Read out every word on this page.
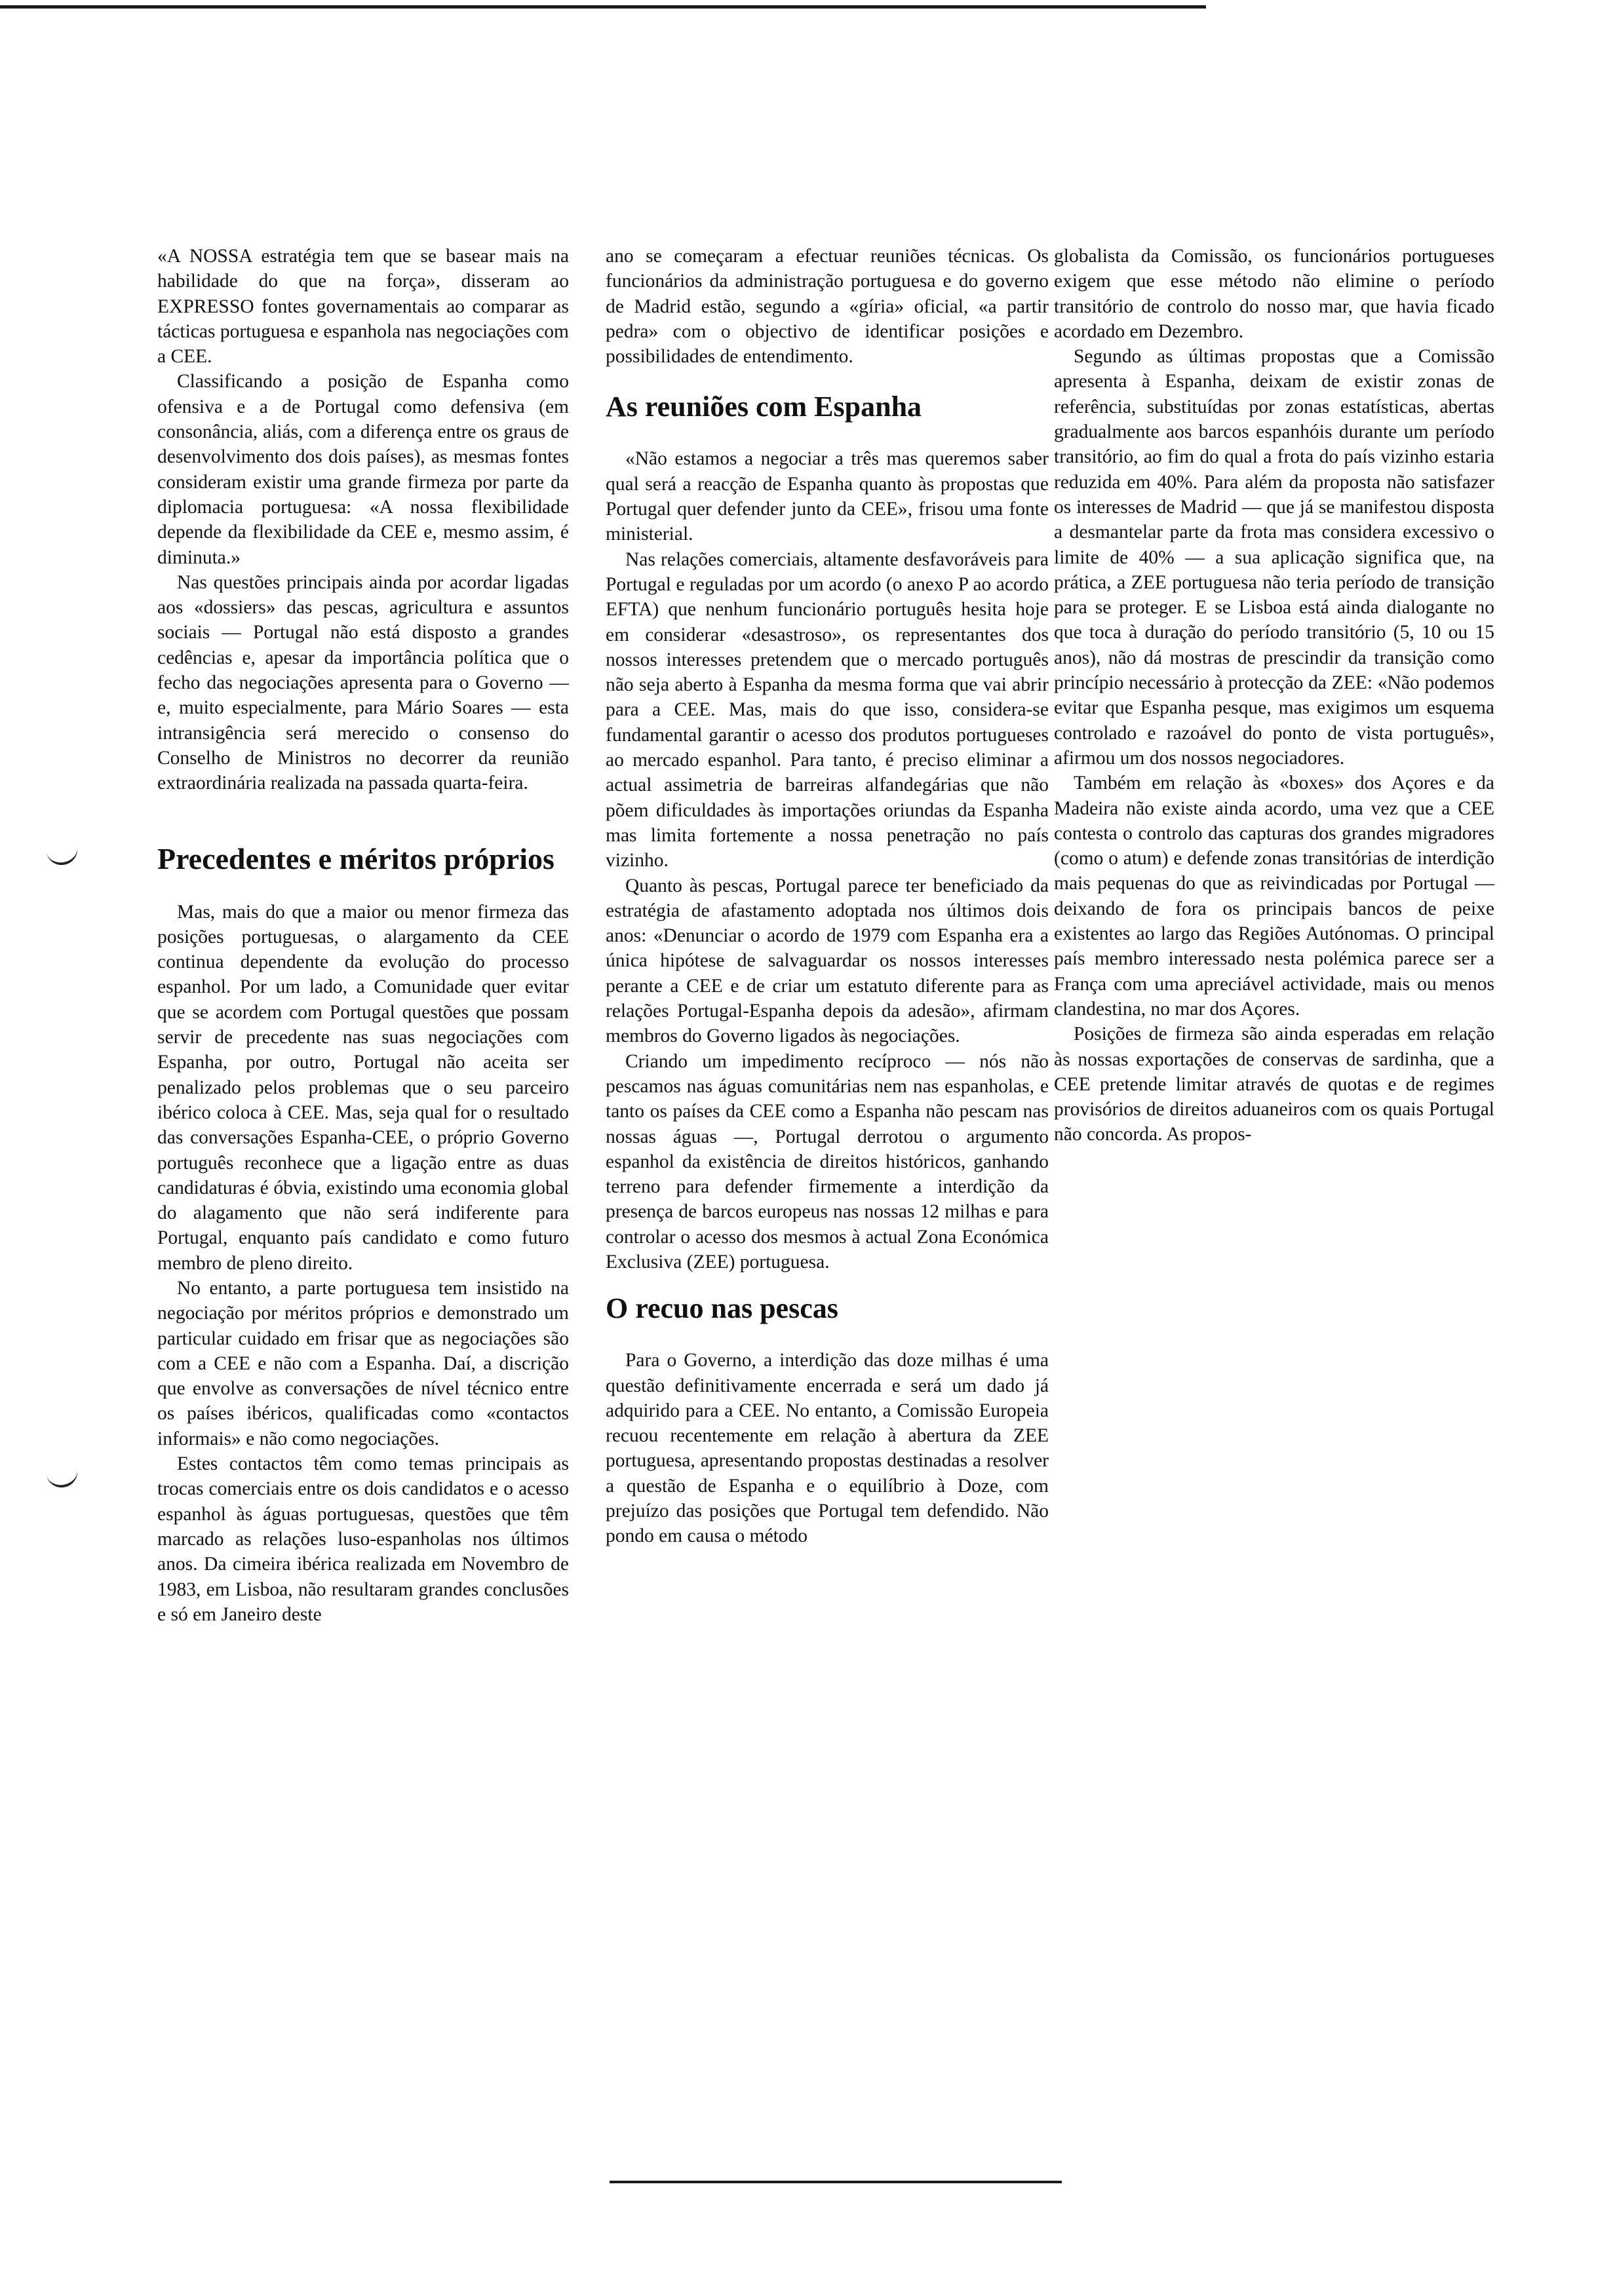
«A NOSSA estratégia tem que se basear mais na habilidade do que na força», disseram ao EXPRESSO fontes governamentais ao comparar as tácticas portuguesa e espanhola nas negociações com a CEE.

Classificando a posição de Espanha como ofensiva e a de Portugal como defensiva (em consonância, aliás, com a diferença entre os graus de desenvolvimento dos dois países), as mesmas fontes consideram existir uma grande firmeza por parte da diplomacia portuguesa: «A nossa flexibilidade depende da flexibilidade da CEE e, mesmo assim, é diminuta.»

Nas questões principais ainda por acordar ligadas aos «dossiers» das pescas, agricultura e assuntos sociais — Portugal não está disposto a grandes cedências e, apesar da importância política que o fecho das negociações apresenta para o Governo — e, muito especialmente, para Mário Soares — esta intransigência será merecido o consenso do Conselho de Ministros no decorrer da reunião extraordinária realizada na passada quarta-feira.

Precedentes e méritos próprios

Mas, mais do que a maior ou menor firmeza das posições portuguesas, o alargamento da CEE continua dependente da evolução do processo espanhol. Por um lado, a Comunidade quer evitar que se acordem com Portugal questões que possam servir de precedente nas suas negociações com Espanha, por outro, Portugal não aceita ser penalizado pelos problemas que o seu parceiro ibérico coloca à CEE. Mas, seja qual for o resultado das conversações Espanha-CEE, o próprio Governo português reconhece que a ligação entre as duas candidaturas é óbvia, existindo uma economia global do alagamento que não será indiferente para Portugal, enquanto país candidato e como futuro membro de pleno direito.

No entanto, a parte portuguesa tem insistido na negociação por méritos próprios e demonstrado um particular cuidado em frisar que as negociações são com a CEE e não com a Espanha. Daí, a discrição que envolve as conversações de nível técnico entre os países ibéricos, qualificadas como «contactos informais» e não como negociações.

Estes contactos têm como temas principais as trocas comerciais entre os dois candidatos e o acesso espanhol às águas portuguesas, questões que têm marcado as relações luso-espanholas nos últimos anos. Da cimeira ibérica realizada em Novembro de 1983, em Lisboa, não resultaram grandes conclusões e só em Janeiro deste

ano se começaram a efectuar reuniões técnicas. Os funcionários da administração portuguesa e do governo de Madrid estão, segundo a «gíria» oficial, «a partir pedra» com o objectivo de identificar posições e possibilidades de entendimento.

As reuniões com Espanha

«Não estamos a negociar a três mas queremos saber qual será a reacção de Espanha quanto às propostas que Portugal quer defender junto da CEE», frisou uma fonte ministerial.

Nas relações comerciais, altamente desfavoráveis para Portugal e reguladas por um acordo (o anexo P ao acordo EFTA) que nenhum funcionário português hesita hoje em considerar «desastroso», os representantes dos nossos interesses pretendem que o mercado português não seja aberto à Espanha da mesma forma que vai abrir para a CEE. Mas, mais do que isso, considera-se fundamental garantir o acesso dos produtos portugueses ao mercado espanhol. Para tanto, é preciso eliminar a actual assimetria de barreiras alfandegárias que não põem dificuldades às importações oriundas da Espanha mas limita fortemente a nossa penetração no país vizinho.

Quanto às pescas, Portugal parece ter beneficiado da estratégia de afastamento adoptada nos últimos dois anos: «Denunciar o acordo de 1979 com Espanha era a única hipótese de salvaguardar os nossos interesses perante a CEE e de criar um estatuto diferente para as relações Portugal-Espanha depois da adesão», afirmam membros do Governo ligados às negociações.

Criando um impedimento recíproco — nós não pescamos nas águas comunitárias nem nas espanholas, e tanto os países da CEE como a Espanha não pescam nas nossas águas —, Portugal derrotou o argumento espanhol da existência de direitos históricos, ganhando terreno para defender firmemente a interdição da presença de barcos europeus nas nossas 12 milhas e para controlar o acesso dos mesmos à actual Zona Económica Exclusiva (ZEE) portuguesa.

O recuo nas pescas

Para o Governo, a interdição das doze milhas é uma questão definitivamente encerrada e será um dado já adquirido para a CEE. No entanto, a Comissão Europeia recuou recentemente em relação à abertura da ZEE portuguesa, apresentando propostas destinadas a resolver a questão de Espanha e o equilíbrio à Doze, com prejuízo das posições que Portugal tem defendido. Não pondo em causa o método

globalista da Comissão, os funcionários portugueses exigem que esse método não elimine o período transitório de controlo do nosso mar, que havia ficado acordado em Dezembro.

Segundo as últimas propostas que a Comissão apresenta à Espanha, deixam de existir zonas de referência, substituídas por zonas estatísticas, abertas gradualmente aos barcos espanhóis durante um período transitório, ao fim do qual a frota do país vizinho estaria reduzida em 40%. Para além da proposta não satisfazer os interesses de Madrid — que já se manifestou disposta a desmantelar parte da frota mas considera excessivo o limite de 40% — a sua aplicação significa que, na prática, a ZEE portuguesa não teria período de transição para se proteger. E se Lisboa está ainda dialogante no que toca à duração do período transitório (5, 10 ou 15 anos), não dá mostras de prescindir da transição como princípio necessário à protecção da ZEE: «Não podemos evitar que Espanha pesque, mas exigimos um esquema controlado e razoável do ponto de vista português», afirmou um dos nossos negociadores.

Também em relação às «boxes» dos Açores e da Madeira não existe ainda acordo, uma vez que a CEE contesta o controlo das capturas dos grandes migradores (como o atum) e defende zonas transitórias de interdição mais pequenas do que as reivindicadas por Portugal — deixando de fora os principais bancos de peixe existentes ao largo das Regiões Autónomas. O principal país membro interessado nesta polémica parece ser a França com uma apreciável actividade, mais ou menos clandestina, no mar dos Açores.

Posições de firmeza são ainda esperadas em relação às nossas exportações de conservas de sardinha, que a CEE pretende limitar através de quotas e de regimes provisórios de direitos aduaneiros com os quais Portugal não concorda. As propos-
